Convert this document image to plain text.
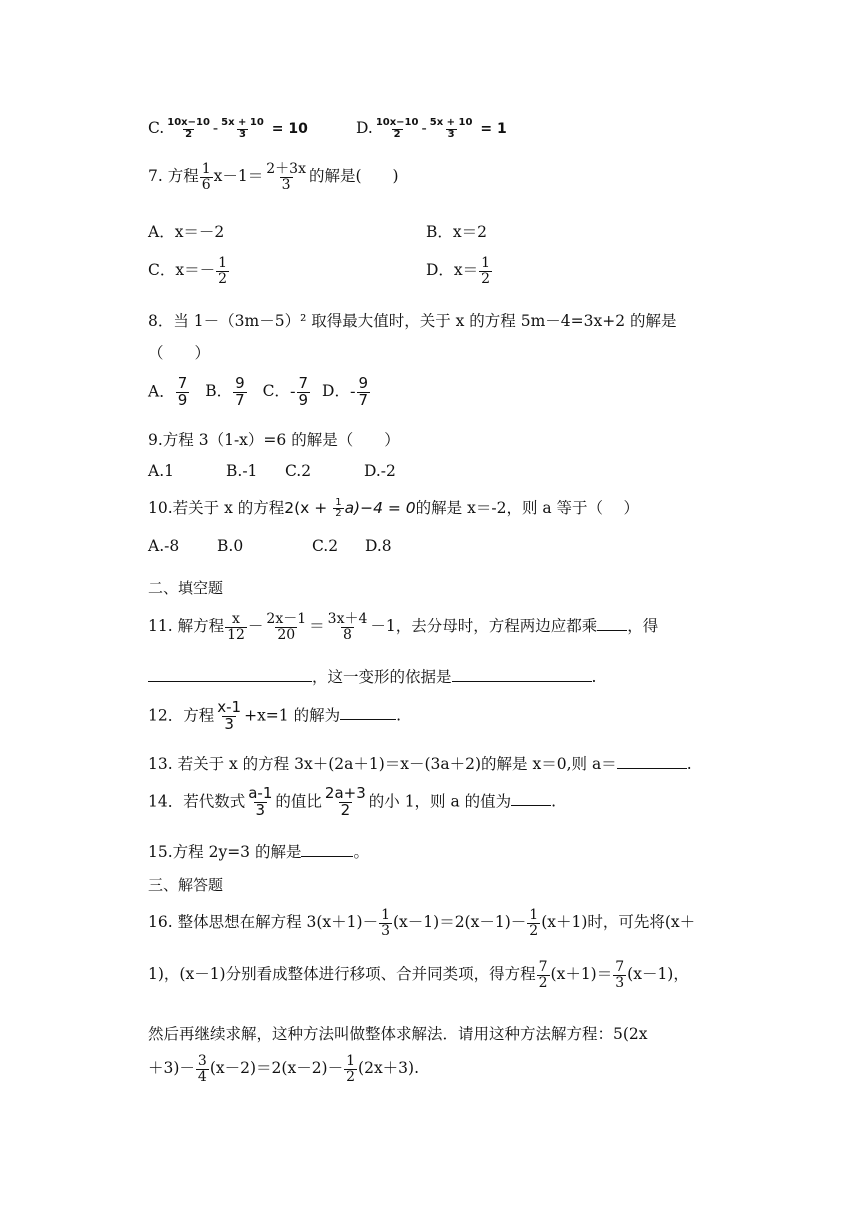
C. $\frac{10x-10}{2} - \frac{5x + 10}{3} = 10$	D. $\frac{10x-10}{2} - \frac{5x + 10}{3} = 1$
7. 方程 $\frac{1}{6} x-1= \frac{2+3x}{3}$ 的解是(　　)
A．x＝－2	B．x＝2
C．$x=- \frac{1}{2}$	D．$x= \frac{1}{2}$
8．当 1－（3m－5）² 取得最大值时，关于 x 的方程 5m－4=3x+2 的解是
（　　）
A． $\frac{7}{9}$ B． $\frac{9}{7}$ C．- $\frac{7}{9}$ D．- $\frac{9}{7}$
9.方程 3（1-x）=6 的解是（　　）
A.1	B.-1 C.2	D.-2
10.若关于 x 的方程$2(x + \frac{1}{2} a)-4 = 0$的解是 x＝-2，则 a 等于（　 ）
A.-8 B.0	C.2 D.8
二、填空题
11. 解方程 $\frac{x}{12} - \frac{2x-1}{20} = \frac{3x+4}{8} -1$，去分母时，方程两边应都乘 ，得
，这一变形的依据是	.
12．方程 $\frac{x-1}{3} +x=1$ 的解为	.
13. 若关于 x 的方程 3x＋(2a＋1)＝x－(3a＋2)的解是 x＝0,则 a＝	.
14．若代数式 $\frac{a-1}{3}$ 的值比 $\frac{2a+3}{2}$ 的小 1，则 a 的值为	.
15.方程 2y=3 的解是	。
三、解答题
16. 整体思想在解方程 $3(x+1)- \frac{1}{3} (x-1)=2(x-1)- \frac{1}{2} (x+1)$时，可先将(x＋
1)，(x－1)分别看成整体进行移项、合并同类项，得方程 $\frac{7}{2} (x+1)= \frac{7}{3} (x-1)$，
然后再继续求解，这种方法叫做整体求解法．请用这种方法解方程：5(2x
$+3)- \frac{3}{4} (x-2)=2(x-2)- \frac{1}{2} (2x+3)$.
